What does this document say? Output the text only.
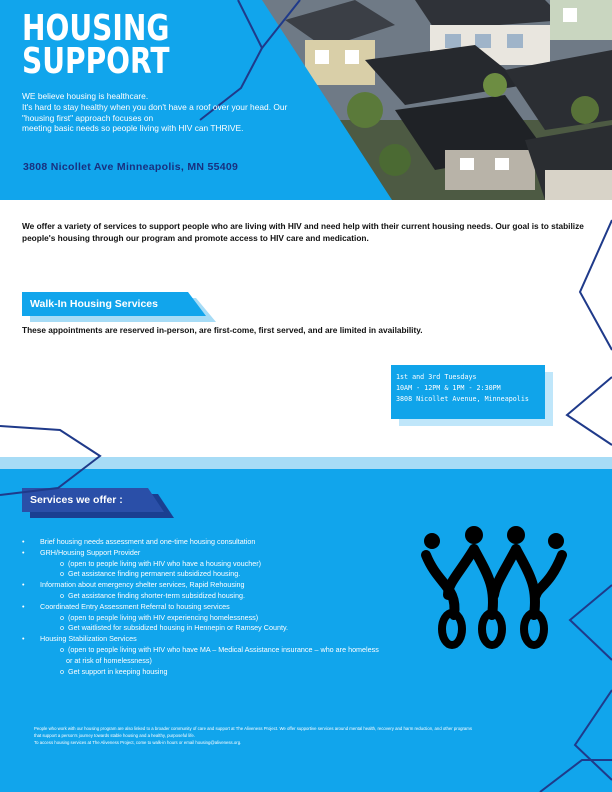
HOUSING
SUPPORT
WE believe housing is healthcare.
It's hard to stay healthy when you don't have a roof over your head. Our
"housing first" approach focuses on
meeting basic needs so people living with HIV can THRIVE.
3808 Nicollet Ave Minneapolis, MN 55409
We offer a variety of services to support people who are living with HIV and need help with their current housing needs. Our goal is to stabilize people's housing through our program and promote access to HIV care and medication.
Walk-In Housing Services
These appointments are reserved in-person, are first-come, first served, and are limited in availability.
1st and 3rd Tuesdays
10AM - 12PM & 1PM - 2:30PM
3808 Nicollet Avenue, Minneapolis
Services we offer :
• Brief housing needs assessment and one-time housing consultation
• GRH/Housing Support Provider
o (open to people living with HIV who have a housing voucher)
o Get assistance finding permanent subsidized housing.
• Information about emergency shelter services, Rapid Rehousing
o Get assistance finding shorter-term subsidized housing.
• Coordinated Entry Assessment Referral to housing services
o (open to people living with HIV experiencing homelessness)
o Get waitlisted for subsidized housing in Hennepin or Ramsey County.
• Housing Stabilization Services
o (open to people living with HIV who have MA – Medical Assistance insurance – who are homeless
or at risk of homelessness)
o Get support in keeping housing
People who work with our housing program are also linked to a broader community of care and support at The Aliveness Project. We offer supportive services around mental health, recovery and harm reduction, and other programs
that support a person's journey towards stable housing and a healthy, purposeful life.
To access housing services at The Aliveness Project, come to walk-in hours or email housing@aliveness.org.
